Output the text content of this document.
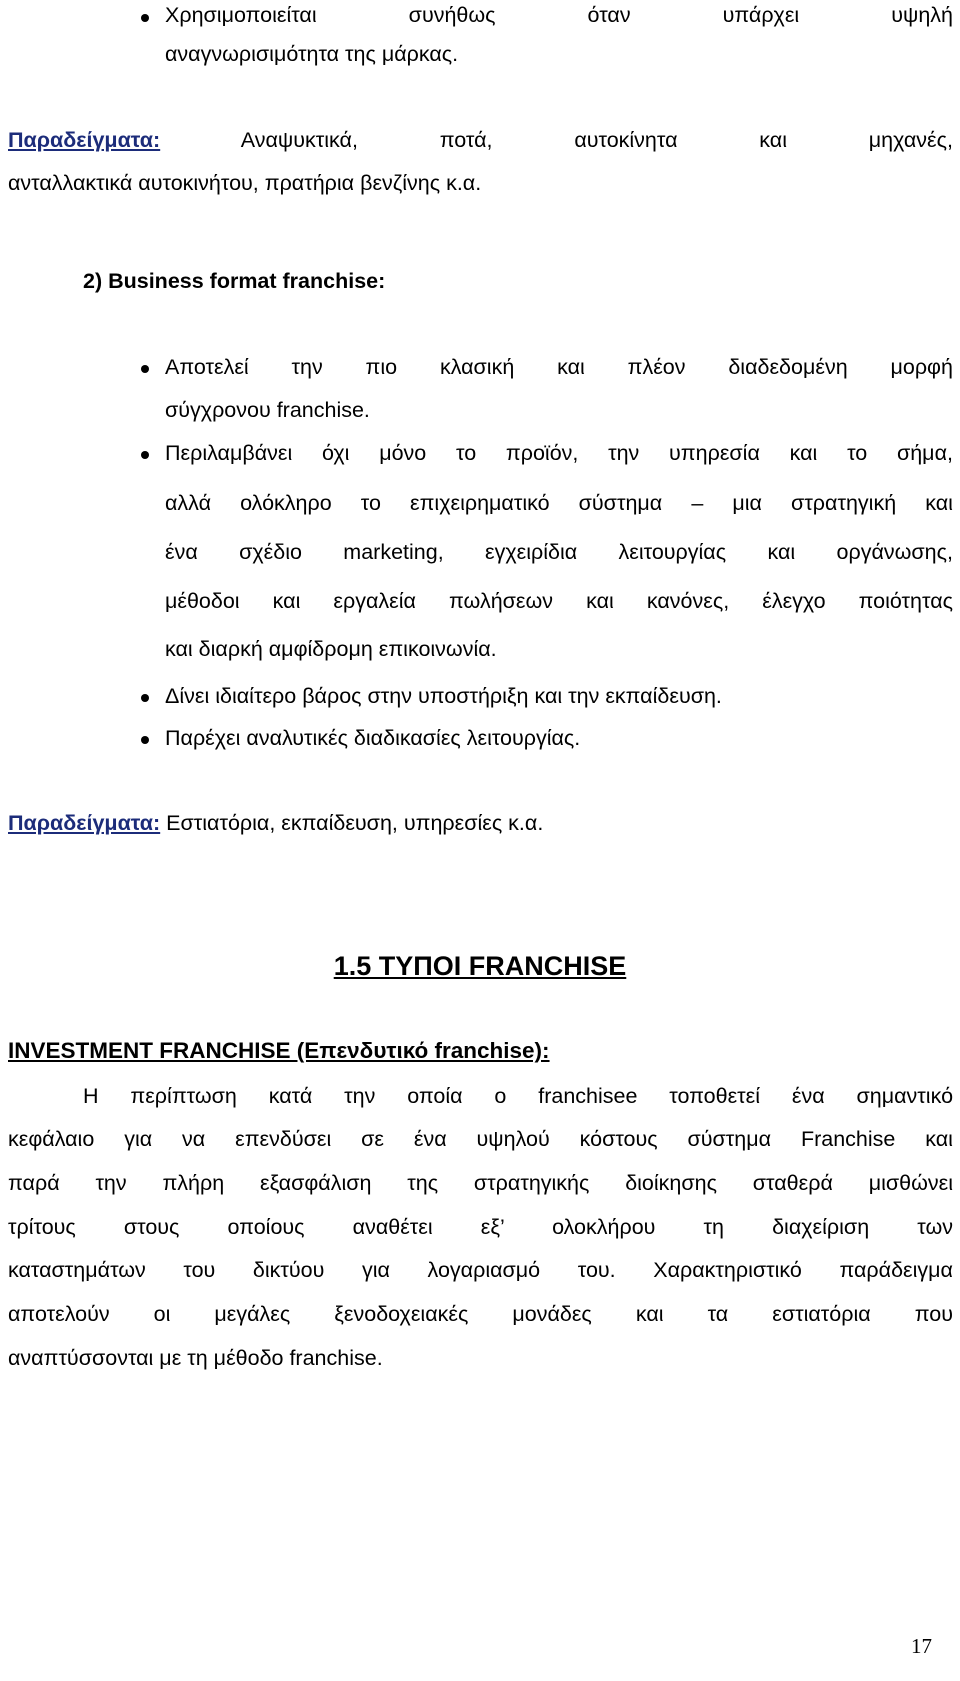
Χρησιμοποιείται	συνήθως	όταν	υπάρχει	υψηλή
αναγνωρισιμότητα της μάρκας.
Παραδείγματα:	Αναψυκτικά,	ποτά,	αυτοκίνητα	και	μηχανές,
ανταλλακτικά αυτοκινήτου, πρατήρια βενζίνης κ.α.
2) Business format franchise:
Αποτελεί την πιο κλασική και πλέον διαδεδομένη μορφή
σύγχρονου franchise.
Περιλαμβάνει όχι μόνο το προϊόν, την υπηρεσία και το σήμα,
αλλά ολόκληρο το επιχειρηματικό σύστημα – μια στρατηγική και
ένα σχέδιο marketing, εγχειρίδια λειτουργίας και οργάνωσης,
μέθοδοι και εργαλεία πωλήσεων και κανόνες, έλεγχο ποιότητας
και διαρκή αμφίδρομη επικοινωνία.
Δίνει ιδιαίτερο βάρος στην υποστήριξη και την εκπαίδευση.
Παρέχει αναλυτικές διαδικασίες λειτουργίας.
Παραδείγματα: Εστιατόρια, εκπαίδευση, υπηρεσίες κ.α.
1.5 ΤΥΠΟΙ FRANCHISE
INVESTMENT FRANCHISE (Επενδυτικό franchise):
Η περίπτωση κατά την οποία ο franchisee τοποθετεί ένα σημαντικό
κεφάλαιο για να επενδύσει σε ένα υψηλού κόστους σύστημα Franchise και
παρά την πλήρη εξασφάλιση της στρατηγικής διοίκησης σταθερά μισθώνει
τρίτους στους οποίους αναθέτει εξ’ ολοκλήρου τη διαχείριση των
καταστημάτων του δικτύου για λογαριασμό του. Χαρακτηριστικό παράδειγμα
αποτελούν οι μεγάλες ξενοδοχειακές μονάδες και τα εστιατόρια που
αναπτύσσονται με τη μέθοδο franchise.
17
